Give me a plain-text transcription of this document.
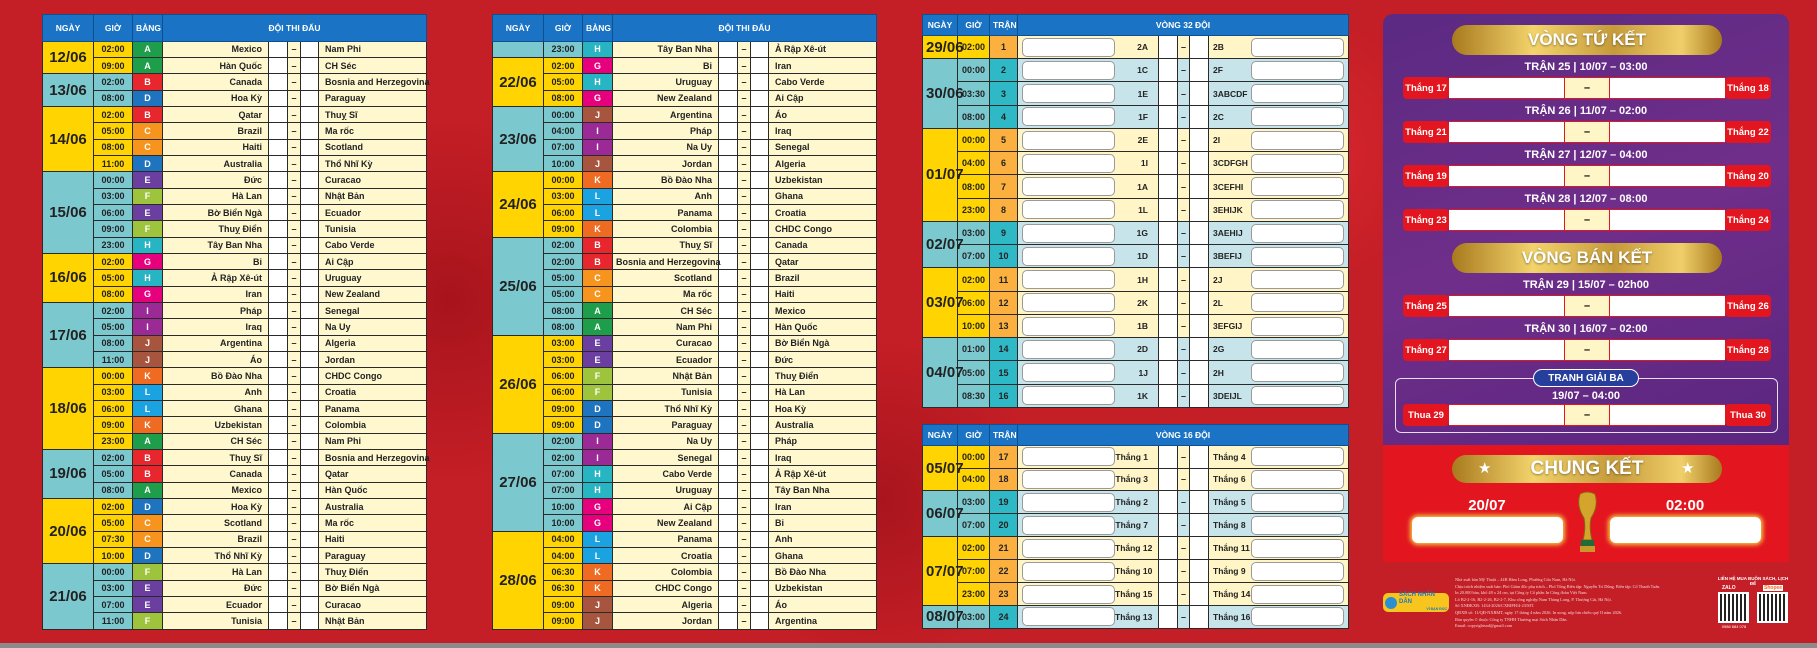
NGÀY	GIỜ	BẢNG	ĐỘI THI ĐẤU				
12/06	02:00	A	Mexico		–		Nam Phi
	09:00	A	Hàn Quốc		–		CH Séc
13/06	02:00	B	Canada		–		Bosnia and Herzegovina
	08:00	D	Hoa Kỳ		–		Paraguay
14/06	02:00	B	Qatar		–		Thuỵ Sĩ
	05:00	C	Brazil		–		Ma rốc
	08:00	C	Haiti		–		Scotland
	11:00	D	Australia		–		Thổ Nhĩ Kỳ
15/06	00:00	E	Đức		–		Curacao
	03:00	F	Hà Lan		–		Nhật Bản
	06:00	E	Bờ Biển Ngà		–		Ecuador
	09:00	F	Thuỵ Điển		–		Tunisia
	23:00	H	Tây Ban Nha		–		Cabo Verde
16/06	02:00	G	Bỉ		–		Ai Cập
	05:00	H	Ả Rập Xê-út		–		Uruguay
	08:00	G	Iran		–		New Zealand
17/06	02:00	I	Pháp		–		Senegal
	05:00	I	Iraq		–		Na Uy
	08:00	J	Argentina		–		Algeria
	11:00	J	Áo		–		Jordan
18/06	00:00	K	Bồ Đào Nha		–		CHDC Congo
	03:00	L	Anh		–		Croatia
	06:00	L	Ghana		–		Panama
	09:00	K	Uzbekistan		–		Colombia
	23:00	A	CH Séc		–		Nam Phi
19/06	02:00	B	Thuỵ Sĩ		–		Bosnia and Herzegovina
	05:00	B	Canada		–		Qatar
	08:00	A	Mexico		–		Hàn Quốc
20/06	02:00	D	Hoa Kỳ		–		Australia
	05:00	C	Scotland		–		Ma rốc
	07:30	C	Brazil		–		Haiti
	10:00	D	Thổ Nhĩ Kỳ		–		Paraguay
21/06	00:00	F	Hà Lan		–		Thuỵ Điển
	03:00	E	Đức		–		Bờ Biển Ngà
	07:00	E	Ecuador		–		Curacao
	11:00	F	Tunisia		–		Nhật Bản
NGÀY	GIỜ	BẢNG	ĐỘI THI ĐẤU				
	23:00	H	Tây Ban Nha		–		Ả Rập Xê-út
22/06	02:00	G	Bỉ		–		Iran
	05:00	H	Uruguay		–		Cabo Verde
	08:00	G	New Zealand		–		Ai Cập
23/06	00:00	J	Argentina		–		Áo
	04:00	I	Pháp		–		Iraq
	07:00	I	Na Uy		–		Senegal
	10:00	J	Jordan		–		Algeria
24/06	00:00	K	Bồ Đào Nha		–		Uzbekistan
	03:00	L	Anh		–		Ghana
	06:00	L	Panama		–		Croatia
	09:00	K	Colombia		–		CHDC Congo
25/06	02:00	B	Thuỵ Sĩ		–		Canada
	02:00	B	Bosnia and Herzegovina		–		Qatar
	05:00	C	Scotland		–		Brazil
	05:00	C	Ma rốc		–		Haiti
	08:00	A	CH Séc		–		Mexico
	08:00	A	Nam Phi		–		Hàn Quốc
26/06	03:00	E	Curacao		–		Bờ Biển Ngà
	03:00	E	Ecuador		–		Đức
	06:00	F	Nhật Bản		–		Thuỵ Điển
	06:00	F	Tunisia		–		Hà Lan
	09:00	D	Thổ Nhĩ Kỳ		–		Hoa Kỳ
	09:00	D	Paraguay		–		Australia
27/06	02:00	I	Na Uy		–		Pháp
	02:00	I	Senegal		–		Iraq
	07:00	H	Cabo Verde		–		Ả Rập Xê-út
	07:00	H	Uruguay		–		Tây Ban Nha
	10:00	G	Ai Cập		–		Iran
	10:00	G	New Zealand		–		Bỉ
28/06	04:00	L	Panama		–		Anh
	04:00	L	Croatia		–		Ghana
	06:30	K	Colombia		–		Bồ Đào Nha
	06:30	K	CHDC Congo		–		Uzbekistan
	09:00	J	Algeria		–		Áo
	09:00	J	Jordan		–		Argentina
NGÀY	GIỜ	TRẬN	VÒNG 32 ĐỘI				
29/06	02:00	1	2A		–		2B

30/06	00:00	2	1C		–		2F

	03:30	3	1E		–		3ABCDF

	08:00	4	1F		–		2C

01/07	00:00	5	2E		–		2I

	04:00	6	1I		–		3CDFGH

	08:00	7	1A		–		3CEFHI

	23:00	8	1L		–		3EHIJK

02/07	03:00	9	1G		–		3AEHIJ

	07:00	10	1D		–		3BEFIJ

03/07	02:00	11	1H		–		2J

	06:00	12	2K		–		2L

	10:00	13	1B		–		3EFGIJ

04/07	01:00	14	2D		–		2G

	05:00	15	1J		–		2H

	08:30	16	1K		–		3DEIJL
NGÀY	GIỜ	TRẬN	VÒNG 16 ĐỘI				
05/07	00:00	17	Thắng 1		–		Thắng 4

	04:00	18	Thắng 3		–		Thắng 6

06/07	03:00	19	Thắng 2		–		Thắng 5

	07:00	20	Thắng 7		–		Thắng 8

07/07	02:00	21	Thắng 12		–		Thắng 11

	07:00	22	Thắng 10		–		Thắng 9

	23:00	23	Thắng 15		–		Thắng 14

08/07	03:00	24	Thắng 13		–		Thắng 16
VÒNG TỨ KẾT
TRẬN 25 | 10/07 – 03:00
Thắng 17	–	Thắng 18
TRẬN 26 | 11/07 – 02:00
Thắng 21	–	Thắng 22
TRẬN 27 | 12/07 – 04:00
Thắng 19	–	Thắng 20
TRẬN 28 | 12/07 – 08:00
Thắng 23	–	Thắng 24
VÒNG BÁN KẾT
TRẬN 29 | 15/07 – 02h00
Thắng 25	–	Thắng 26
TRẬN 30 | 16/07 – 02:00
Thắng 27	–	Thắng 28
TRANH GIẢI BA
19/07 – 04:00
Thua 29	–	Thua 30
CHUNG KẾT
★	★
20/07	02:00
SÁCH NHÂN DÂN
VÌ BẠN ĐỌC
Nhà xuất bản Mỹ Thuật – 44B Hàm Long, Phường Cửa Nam, Hà Nội.
Chịu trách nhiệm xuất bản: Phó Giám đốc phụ trách – Phó Tổng Biên tập: Nguyễn Trí Dũng. Biên tập: Cổ Thanh Tuấn.
In 20.000 bản, khổ 48 x 24 cm, tại Công ty Cổ phần In Công đoàn Việt Nam.
Lô B2-2-16, B2-2-26, B2-2-7, Khu công nghiệp Nam Thăng Long, P. Thượng Cát, Hà Nội.
Số XNĐKXB: 1434-2026/CXBIPH/4-23/MT.
QĐXB số: 11/QĐ-NXBMT, ngày 17 tháng 4 năm 2026. In xong, nộp lưu chiểu quý II năm 2026.
Bản quyền © thuộc Công ty TNHH Thương mại Sách Nhân Dân.
Email: copyrightsnd@gmail.com
LIÊN HỆ MUA BUÔN SÁCH, LỊCH ĐỂ
ZALO	Shopee
0986 684 078
